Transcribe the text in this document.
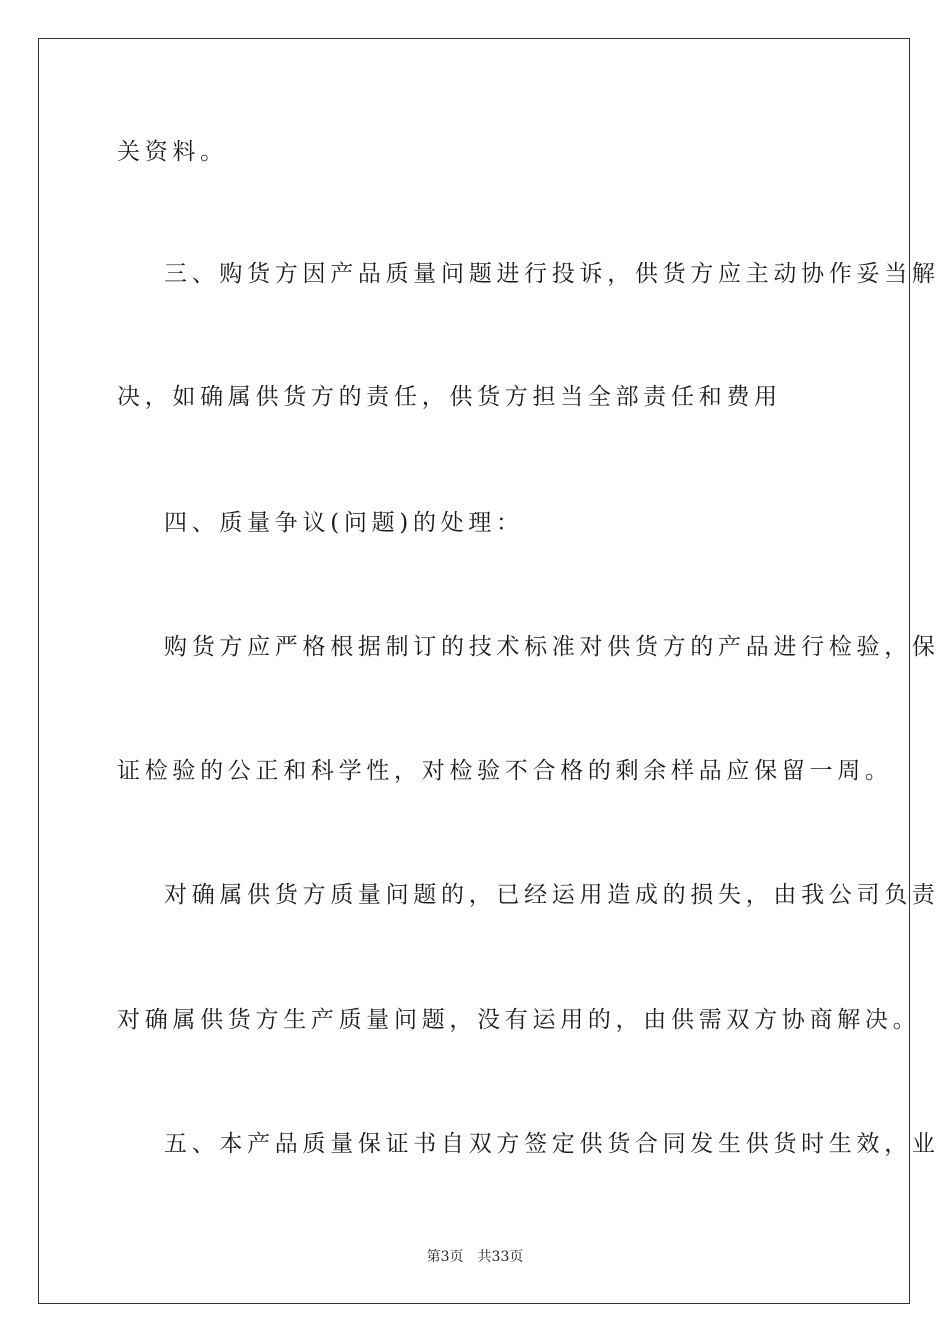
关资料。
三、购货方因产品质量问题进行投诉，供货方应主动协作妥当解
决，如确属供货方的责任，供货方担当全部责任和费用
四、质量争议(问题)的处理：
购货方应严格根据制订的技术标准对供货方的产品进行检验，保
证检验的公正和科学性，对检验不合格的剩余样品应保留一周。
对确属供货方质量问题的，已经运用造成的损失，由我公司负责
对确属供货方生产质量问题，没有运用的，由供需双方协商解决。
五、本产品质量保证书自双方签定供货合同发生供货时生效，业
第3页 共33页
